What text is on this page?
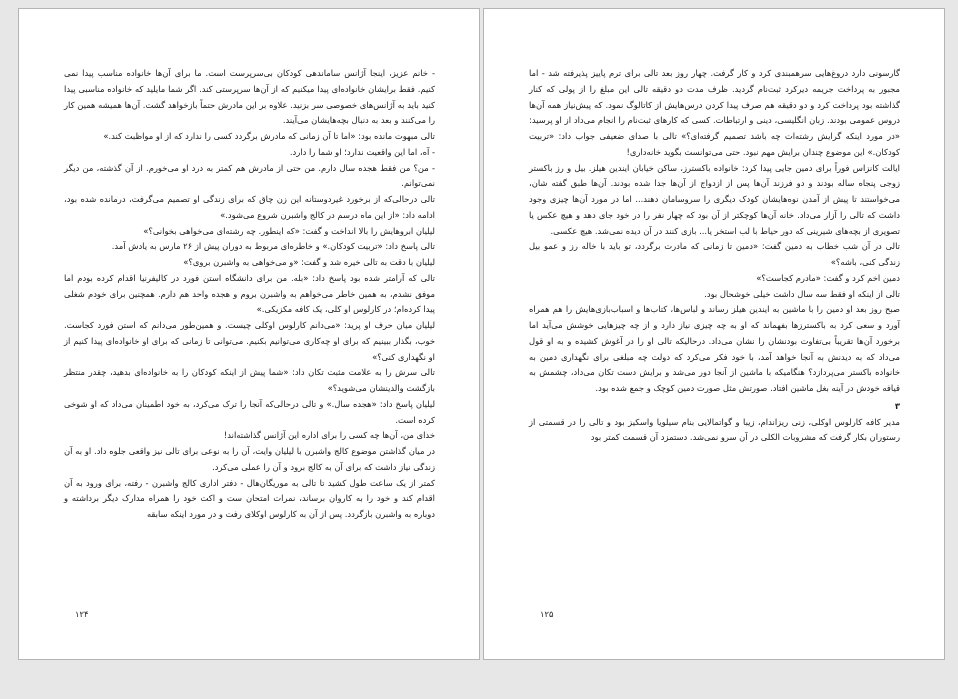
- خانم عزیز، اینجا آژانس ساماندهی کودکان بی‌سرپرست است. ما برای آن‌ها خانواده مناسب پیدا نمی کنیم. فقط برایشان خانواده‌ای پیدا میکنیم که از آن‌ها سرپرستی کند. اگر شما مایلید که خانواده مناسبی پیدا کنید باید به آژانس‌های خصوصی سر بزنید. علاوه بر این مادرش حتماً بازخواهد گشت. آن‌ها همیشه همین کار را می‌کنند و بعد به دنبال بچه‌هایشان می‌آیند.

تالی مبهوت مانده بود: «اما تا آن زمانی که مادرش برگردد کسی را ندارد که از او مواظبت کند.»

- آه، اما این واقعیت ندارد؛ او شما را دارد.

- من؟ من فقط هجده سال دارم. من حتی از مادرش هم کمتر به درد او می‌خورم. از آن گذشته، من دیگر نمی‌توانم.

تالی درحالی‌که از برخورد غیردوستانه این زن چاق که برای زندگی او تصمیم می‌گرفت، درمانده شده بود، ادامه داد: «از این ماه درسم در کالج واشبرن شروع می‌شود.»

لیلیان ابروهایش را بالا انداخت و گفت: «که اینطور. چه رشته‌ای می‌خواهی بخوانی؟»

تالی پاسخ داد: «تربیت کودکان.» و خاطره‌ای مربوط به دوران پیش از ۲۶ مارس به یادش آمد.

لیلیان با دقت به تالی خیره شد و گفت: «و می‌خواهی به واشبرن بروی؟»

تالی که آرامتر شده بود پاسخ داد: «بله. من برای دانشگاه استن فورد در کالیفرنیا اقدام کرده بودم اما موفق نشدم، به همین خاطر می‌خواهم به واشبرن بروم و هجده واحد هم دارم. همچنین برای خودم شغلی پیدا کرده‌ام؛ در کارلوس او کلی، یک کافه مکزیکی.»

لیلیان میان حرف او پرید: «می‌دانم کارلوس اوکلی چیست. و همین‌طور می‌دانم که استن فورد کجاست. خوب، بگذار ببینیم که برای او چه‌کاری می‌توانیم بکنیم. می‌توانی تا زمانی که برای او خانواده‌ای پیدا کنیم از او نگهداری کنی؟»

تالی سرش را به علامت مثبت تکان داد: «شما پیش از اینکه کودکان را به خانواده‌ای بدهید، چقدر منتظر بازگشت والدینشان می‌شوید؟»

لیلیان پاسخ داد: «هجده سال.» و تالی درحالی‌که آنجا را ترک می‌کرد، به خود اطمینان می‌داد که او شوخی کرده است.

خدای من، آن‌ها چه کسی را برای اداره این آژانس گذاشته‌اند!

در میان گذاشتن موضوع کالج واشبرن با لیلیان وایت، آن را به نوعی برای تالی نیز واقعی جلوه داد. او به آن زندگی نیاز داشت که برای آن به کالج برود و آن را عملی می‌کرد.

کمتر از یک ساعت طول کشید تا تالی به موریگان‌هال - دفتر اداری کالج واشبرن - رفته، برای ورود به آن اقدام کند و خود را به کاروان برساند، نمرات امتحان ست و اکت خود را همراه مدارک دیگر برداشته و دوباره به واشبرن بازگردد. پس از آن به کارلوس اوکلای رفت و در مورد اینکه سابقه

۱۲۴

گارسونی دارد دروغ‌هایی سرهمبندی کرد و کار گرفت. چهار روز بعد تالی برای ترم پاییز پذیرفته شد - اما مجبور به پرداخت جریمه دیرکرد ثبت‌نام گردید. ظرف مدت دو دقیقه تالی این مبلغ را از پولی که کنار گذاشته بود پرداخت کرد و دو دقیقه هم صرف پیدا کردن درس‌هایش از کاتالوگ نمود. که پیش‌نیاز همه آن‌ها دروس عمومی بودند. زبان انگلیسی، دینی و ارتباطات. کسی که کارهای ثبت‌نام را انجام می‌داد از او پرسید: «در مورد اینکه گرایش رشته‌ات چه باشد تصمیم گرفته‌ای؟» تالی با صدای ضعیفی جواب داد: «تربیت کودکان.» این موضوع چندان برایش مهم نبود. حتی می‌توانست بگوید خانه‌داری!

ایالت کانزاس فوراً برای دمین جایی پیدا کرد: خانواده باکسترز، ساکن خیابان ایندین هیلز. بیل و رز باکستر زوجی پنجاه ساله بودند و دو فرزند آن‌ها پس از ازدواج از آن‌ها جدا شده بودند. آن‌ها طبق گفته شان، می‌خواستند تا پیش از آمدن نوه‌هایشان کودک دیگری را سروسامان دهند... اما در مورد آن‌ها چیزی وجود داشت که تالی را آزار می‌داد. خانه آن‌ها کوچکتر از آن بود که چهار نفر را در خود جای دهد و هیچ عکس یا تصویری از بچه‌های شیرینی که دور حیاط با لب استخر یا... بازی کنند در آن دیده نمی‌شد. هیچ عکسی.

تالی در آن شب خطاب به دمین گفت: «دمین تا زمانی که مادرت برگردد، تو باید با خاله رز و عمو بیل زندگی کنی، باشه؟»

دمین اخم کرد و گفت: «مادرم کجاست؟»

تالی از اینکه او فقط سه سال داشت خیلی خوشحال بود.

صبح روز بعد او دمین را با ماشین به ایندین هیلز رساند و لباس‌ها، کتاب‌ها و اسباب‌بازی‌هایش را هم همراه آورد و سعی کرد به باکسترز‌ها بفهماند که او به چه چیزی نیاز دارد و از چه چیزهایی خوشش می‌آید اما برخورد آن‌ها تقریباً بی‌تفاوت بودنشان را نشان می‌داد. درحالیکه تالی او را در آغوش کشیده و به او قول می‌داد که به دیدنش به آنجا خواهد آمد، با خود فکر می‌کرد که دولت چه مبلغی برای نگهداری دمین به خانواده باکستر می‌پردازد؟ هنگامیکه با ماشین از آنجا دور می‌شد و برایش دست تکان می‌داد، چشمش به قیافه خودش در آینه بغل ماشین افتاد. صورتش مثل صورت دمین کوچک و جمع شده بود.

۳

مدیر کافه کارلوس اوکلی، زنی ریزاندام، زیبا و گواتمالایی بنام سیلویا واسکیز بود و تالی را در قسمتی از رستوران بکار گرفت که مشروبات الکلی در آن سرو نمی‌شد. دستمزد آن قسمت کمتر بود

۱۲۵
